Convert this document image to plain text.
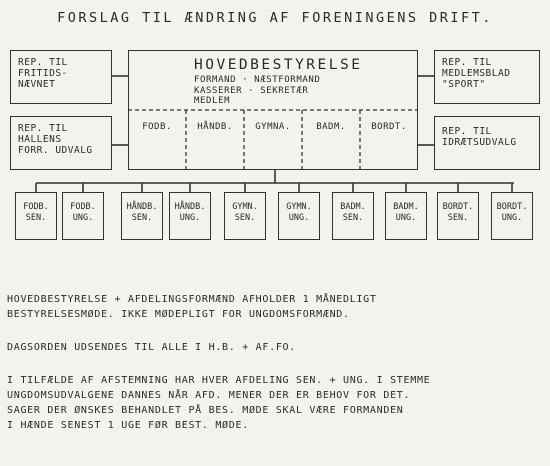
FORSLAG TIL ÆNDRING AF FORENINGENS DRIFT.
REP. TIL
FRITIDS-
NÆVNET
REP. TIL
HALLENS
FORR. UDVALG
HOVEDBESTYRELSE
FORMAND · NÆSTFORMAND
KASSERER · SEKRETÆR
MEDLEM
FODB.	HÅNDB.	GYMNA.	BADM.	BORDT.
REP. TIL
MEDLEMSBLAD
"SPORT"
REP. TIL
IDRÆTSUDVALG
FODB.
SEN.
FODB.
UNG.
HÅNDB.
SEN.
HÅNDB.
UNG.
GYMN.
SEN.
GYMN.
UNG.
BADM.
SEN.
BADM.
UNG.
BORDT.
SEN.
BORDT.
UNG.
HOVEDBESTYRELSE + AFDELINGSFORMÆND AFHOLDER 1 MÅNEDLIGT
BESTYRELSESMØDE. IKKE MØDEPLIGT FOR UNGDOMSFORMÆND.
DAGSORDEN UDSENDES TIL ALLE I H.B. + AF.FO.
I TILFÆLDE AF AFSTEMNING HAR HVER AFDELING SEN. + UNG. I STEMME
UNGDOMSUDVALGENE DANNES NÅR AFD. MENER DER ER BEHOV FOR DET.
SAGER DER ØNSKES BEHANDLET PÅ BES. MØDE SKAL VÆRE FORMANDEN
I HÆNDE SENEST 1 UGE FØR BEST. MØDE.
